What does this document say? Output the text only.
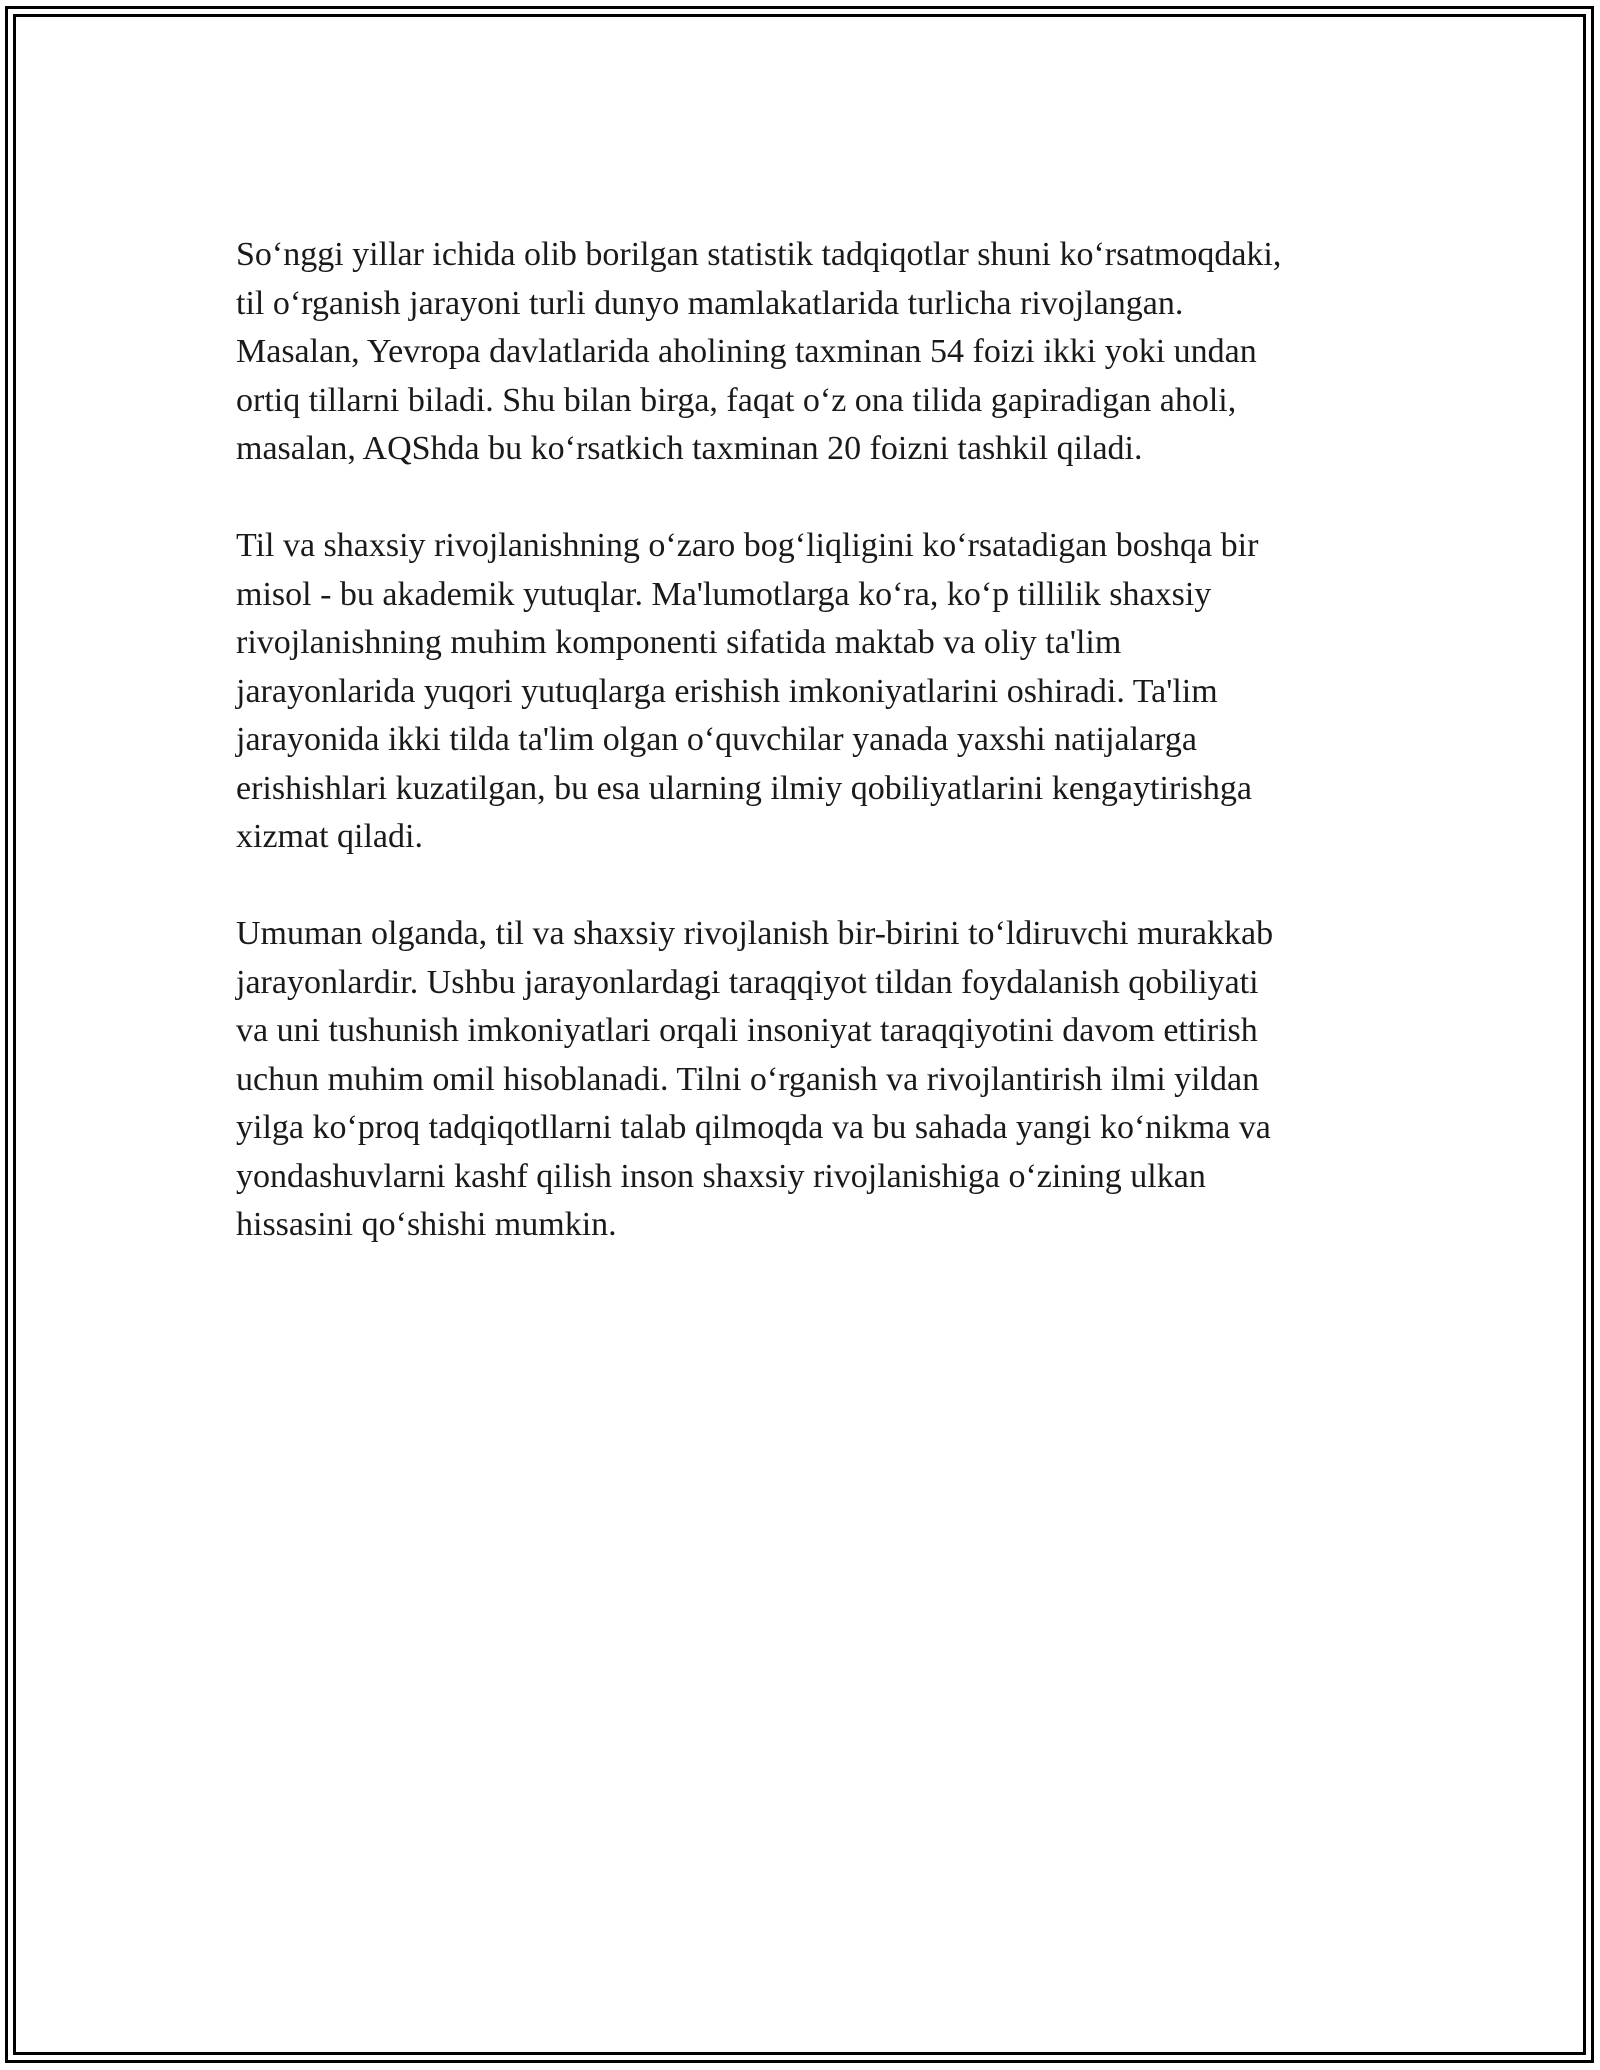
So‘nggi yillar ichida olib borilgan statistik tadqiqotlar shuni ko‘rsatmoqdaki,
til o‘rganish jarayoni turli dunyo mamlakatlarida turlicha rivojlangan.
Masalan, Yevropa davlatlarida aholining taxminan 54 foizi ikki yoki undan
ortiq tillarni biladi. Shu bilan birga, faqat o‘z ona tilida gapiradigan aholi,
masalan, AQShda bu ko‘rsatkich taxminan 20 foizni tashkil qiladi.

Til va shaxsiy rivojlanishning o‘zaro bog‘liqligini ko‘rsatadigan boshqa bir
misol - bu akademik yutuqlar. Ma'lumotlarga ko‘ra, ko‘p tillilik shaxsiy
rivojlanishning muhim komponenti sifatida maktab va oliy ta'lim
jarayonlarida yuqori yutuqlarga erishish imkoniyatlarini oshiradi. Ta'lim
jarayonida ikki tilda ta'lim olgan o‘quvchilar yanada yaxshi natijalarga
erishishlari kuzatilgan, bu esa ularning ilmiy qobiliyatlarini kengaytirishga
xizmat qiladi.

Umuman olganda, til va shaxsiy rivojlanish bir-birini to‘ldiruvchi murakkab
jarayonlardir. Ushbu jarayonlardagi taraqqiyot tildan foydalanish qobiliyati
va uni tushunish imkoniyatlari orqali insoniyat taraqqiyotini davom ettirish
uchun muhim omil hisoblanadi. Tilni o‘rganish va rivojlantirish ilmi yildan
yilga ko‘proq tadqiqotllarni talab qilmoqda va bu sahada yangi ko‘nikma va
yondashuvlarni kashf qilish inson shaxsiy rivojlanishiga o‘zining ulkan
hissasini qo‘shishi mumkin.
